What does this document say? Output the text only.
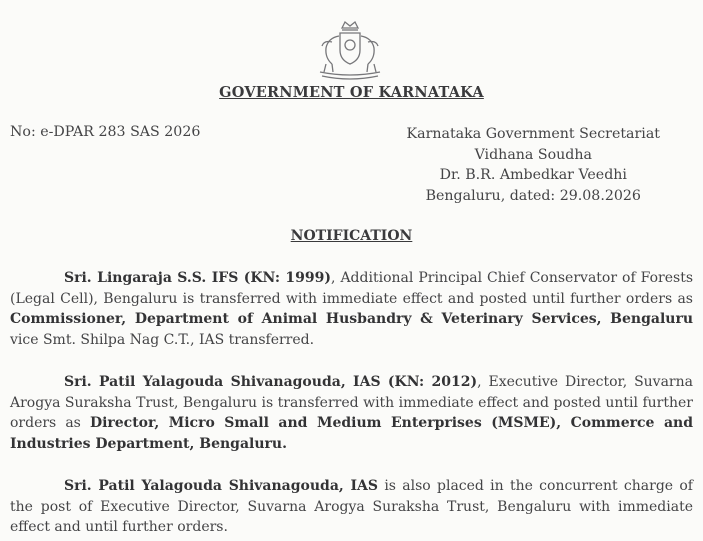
GOVERNMENT OF KARNATAKA
No: e-DPAR 283 SAS 2026	Karnataka Government Secretariat
Vidhana Soudha
Dr. B.R. Ambedkar Veedhi
Bengaluru, dated: 29.08.2026
NOTIFICATION
Sri. Lingaraja S.S. IFS (KN: 1999), Additional Principal Chief Conservator of Forests (Legal Cell), Bengaluru is transferred with immediate effect and posted until further orders as Commissioner, Department of Animal Husbandry & Veterinary Services, Bengaluru vice Smt. Shilpa Nag C.T., IAS transferred.
Sri. Patil Yalagouda Shivanagouda, IAS (KN: 2012), Executive Director, Suvarna Arogya Suraksha Trust, Bengaluru is transferred with immediate effect and posted until further orders as Director, Micro Small and Medium Enterprises (MSME), Commerce and Industries Department, Bengaluru.
Sri. Patil Yalagouda Shivanagouda, IAS is also placed in the concurrent charge of the post of Executive Director, Suvarna Arogya Suraksha Trust, Bengaluru with immediate effect and until further orders.
